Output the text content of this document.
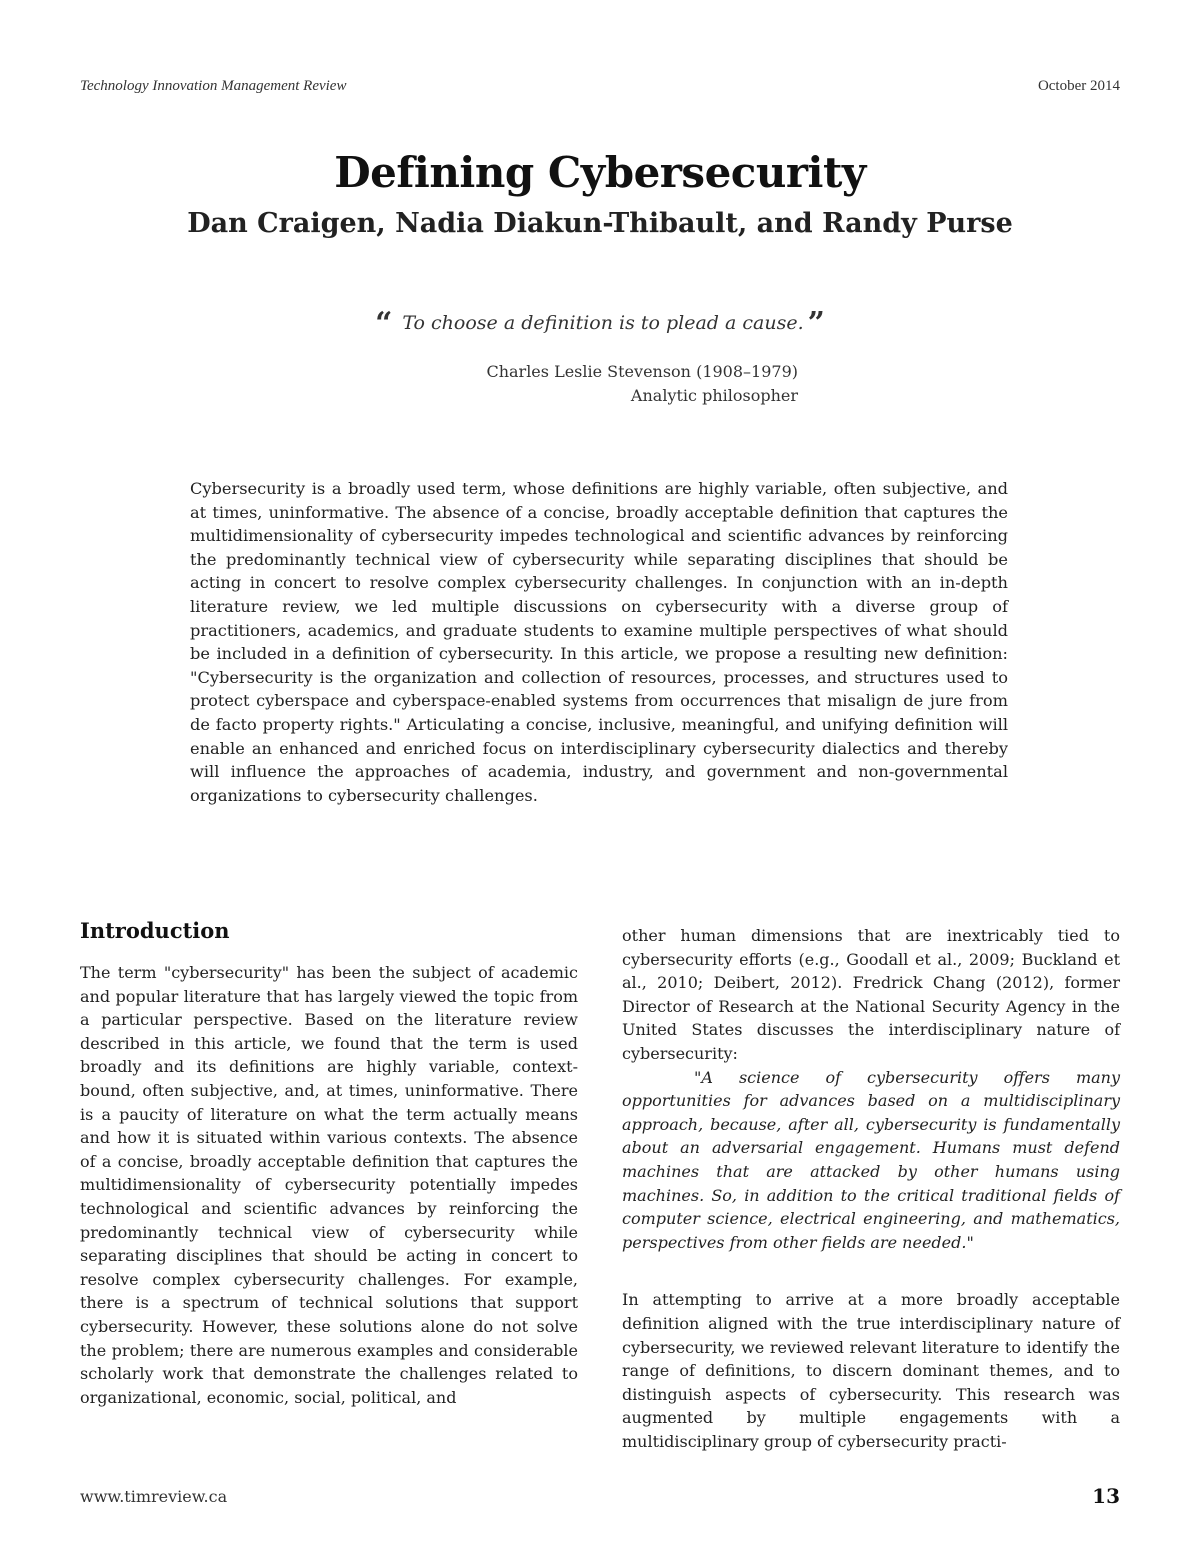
Technology Innovation Management Review	October 2014
Defining Cybersecurity
Dan Craigen, Nadia Diakun-Thibault, and Randy Purse
“ To choose a definition is to plead a cause. ”
Charles Leslie Stevenson (1908–1979)
Analytic philosopher

Cybersecurity is a broadly used term, whose definitions are highly variable, often subjective, and at times, uninformative. The absence of a concise, broadly acceptable definition that captures the multidimensionality of cybersecurity impedes technological and scientific advances by reinforcing the predominantly technical view of cybersecurity while separating disciplines that should be acting in concert to resolve complex cybersecurity challenges. In conjunction with an in-depth literature review, we led multiple discussions on cybersecurity with a diverse group of practitioners, academics, and graduate students to examine multiple perspectives of what should be included in a definition of cybersecurity. In this article, we propose a resulting new definition: "Cybersecurity is the organization and collection of resources, processes, and structures used to protect cyberspace and cyberspace-enabled systems from occurrences that misalign de jure from de facto property rights." Articulating a concise, inclusive, meaningful, and unifying definition will enable an enhanced and enriched focus on interdisciplinary cybersecurity dialectics and thereby will influence the approaches of academia, industry, and government and non-governmental organizations to cybersecurity challenges.

Introduction

The term "cybersecurity" has been the subject of academic and popular literature that has largely viewed the topic from a particular perspective. Based on the literature review described in this article, we found that the term is used broadly and its definitions are highly variable, context-bound, often subjective, and, at times, uninformative. There is a paucity of literature on what the term actually means and how it is situated within various contexts. The absence of a concise, broadly acceptable definition that captures the multidimensionality of cybersecurity potentially impedes technological and scientific advances by reinforcing the predominantly technical view of cybersecurity while separating disciplines that should be acting in concert to resolve complex cybersecurity challenges. For example, there is a spectrum of technical solutions that support cybersecurity. However, these solutions alone do not solve the problem; there are numerous examples and considerable scholarly work that demonstrate the challenges related to organizational, economic, social, political, and

other human dimensions that are inextricably tied to cybersecurity efforts (e.g., Goodall et al., 2009; Buckland et al., 2010; Deibert, 2012). Fredrick Chang (2012), former Director of Research at the National Security Agency in the United States discusses the interdisciplinary nature of cybersecurity:

"A science of cybersecurity offers many opportunities for advances based on a multidisciplinary approach, because, after all, cybersecurity is fundamentally about an adversarial engagement. Humans must defend machines that are attacked by other humans using machines. So, in addition to the critical traditional fields of computer science, electrical engineering, and mathematics, perspectives from other fields are needed."

In attempting to arrive at a more broadly acceptable definition aligned with the true interdisciplinary nature of cybersecurity, we reviewed relevant literature to identify the range of definitions, to discern dominant themes, and to distinguish aspects of cybersecurity. This research was augmented by multiple engagements with a multidisciplinary group of cybersecurity practi-

www.timreview.ca	13
